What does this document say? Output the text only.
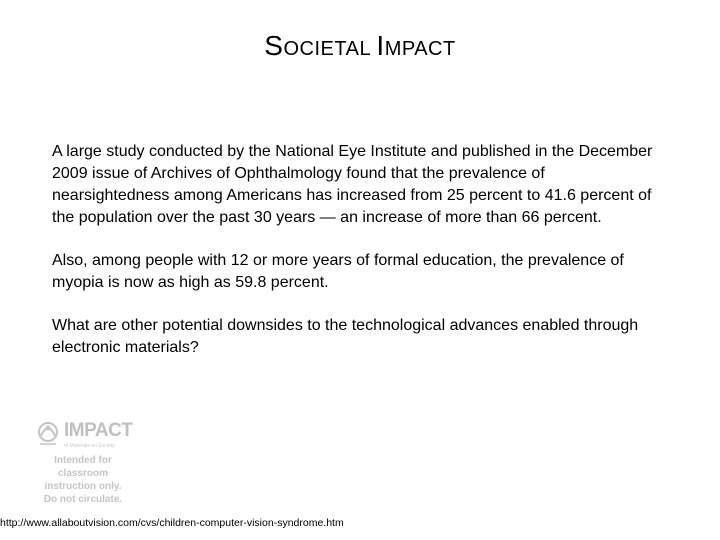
SOCIETAL IMPACT

A large study conducted by the National Eye Institute and published in the December 2009 issue of Archives of Ophthalmology found that the prevalence of nearsightedness among Americans has increased from 25 percent to 41.6 percent of the population over the past 30 years — an increase of more than 66 percent.

Also, among people with 12 or more years of formal education, the prevalence of myopia is now as high as 59.8 percent.

What are other potential downsides to the technological advances enabled through electronic materials?

IMPACT
of Materials on Society
Intended for
classroom
instruction only.
Do not circulate.
http://www.allaboutvision.com/cvs/children-computer-vision-syndrome.htm
